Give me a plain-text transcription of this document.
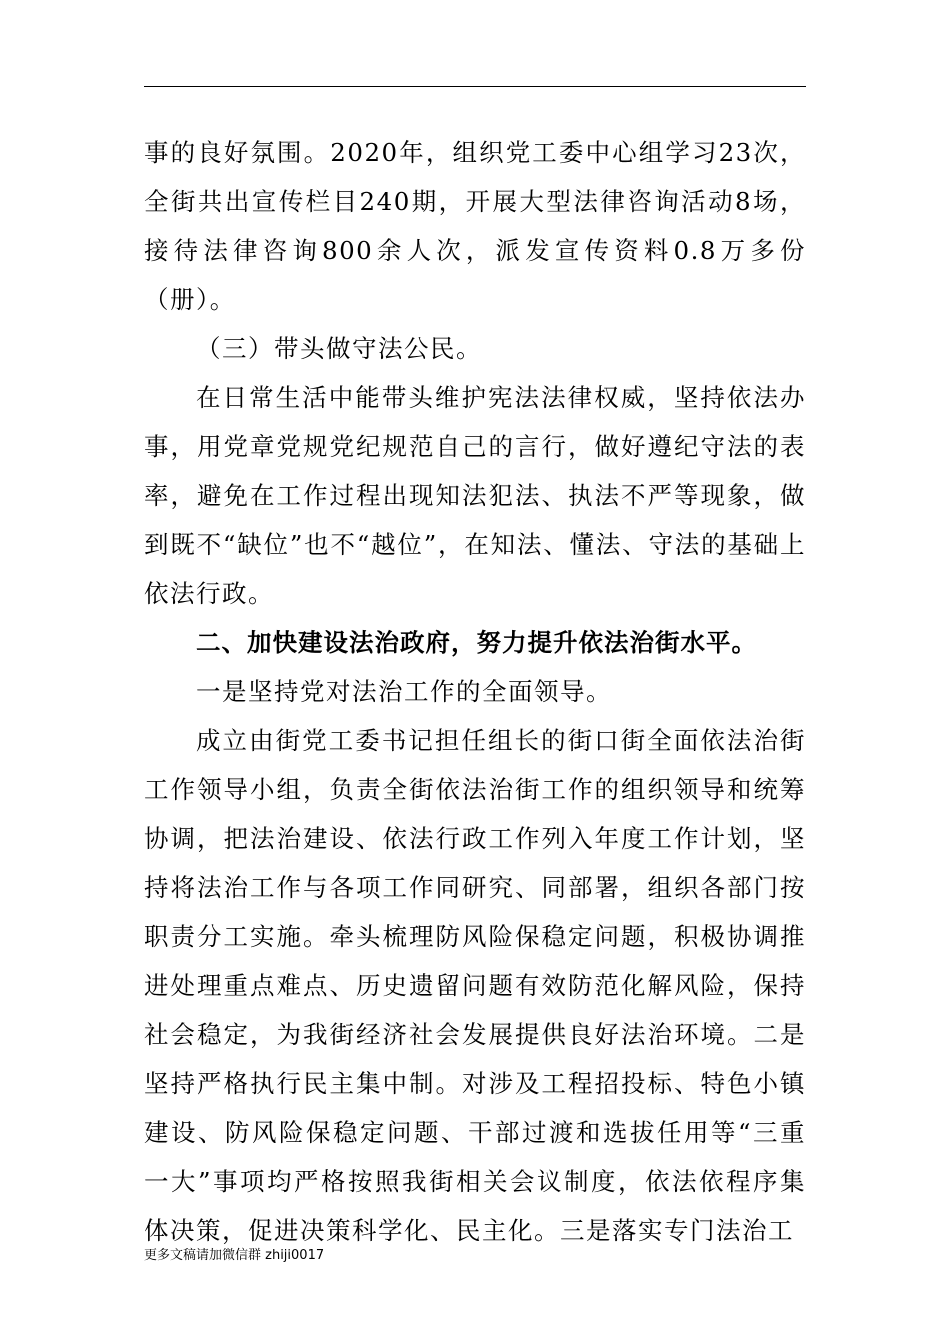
事的良好氛围。2020年，组织党工委中心组学习23次，全街共出宣传栏目240期，开展大型法律咨询活动8场，接待法律咨询800余人次，派发宣传资料0.8万多份（册）。

（三）带头做守法公民。

在日常生活中能带头维护宪法法律权威，坚持依法办事，用党章党规党纪规范自己的言行，做好遵纪守法的表率，避免在工作过程出现知法犯法、执法不严等现象，做到既不“缺位”也不“越位”，在知法、懂法、守法的基础上依法行政。

二、加快建设法治政府，努力提升依法治街水平。

一是坚持党对法治工作的全面领导。

成立由街党工委书记担任组长的街口街全面依法治街工作领导小组，负责全街依法治街工作的组织领导和统筹协调，把法治建设、依法行政工作列入年度工作计划，坚持将法治工作与各项工作同研究、同部署，组织各部门按职责分工实施。牵头梳理防风险保稳定问题，积极协调推进处理重点难点、历史遗留问题有效防范化解风险，保持社会稳定，为我街经济社会发展提供良好法治环境。二是坚持严格执行民主集中制。对涉及工程招投标、特色小镇建设、防风险保稳定问题、干部过渡和选拔任用等“三重一大”事项均严格按照我街相关会议制度，依法依程序集体决策，促进决策科学化、民主化。三是落实专门法治工

更多文稿请加微信群 zhiji0017
